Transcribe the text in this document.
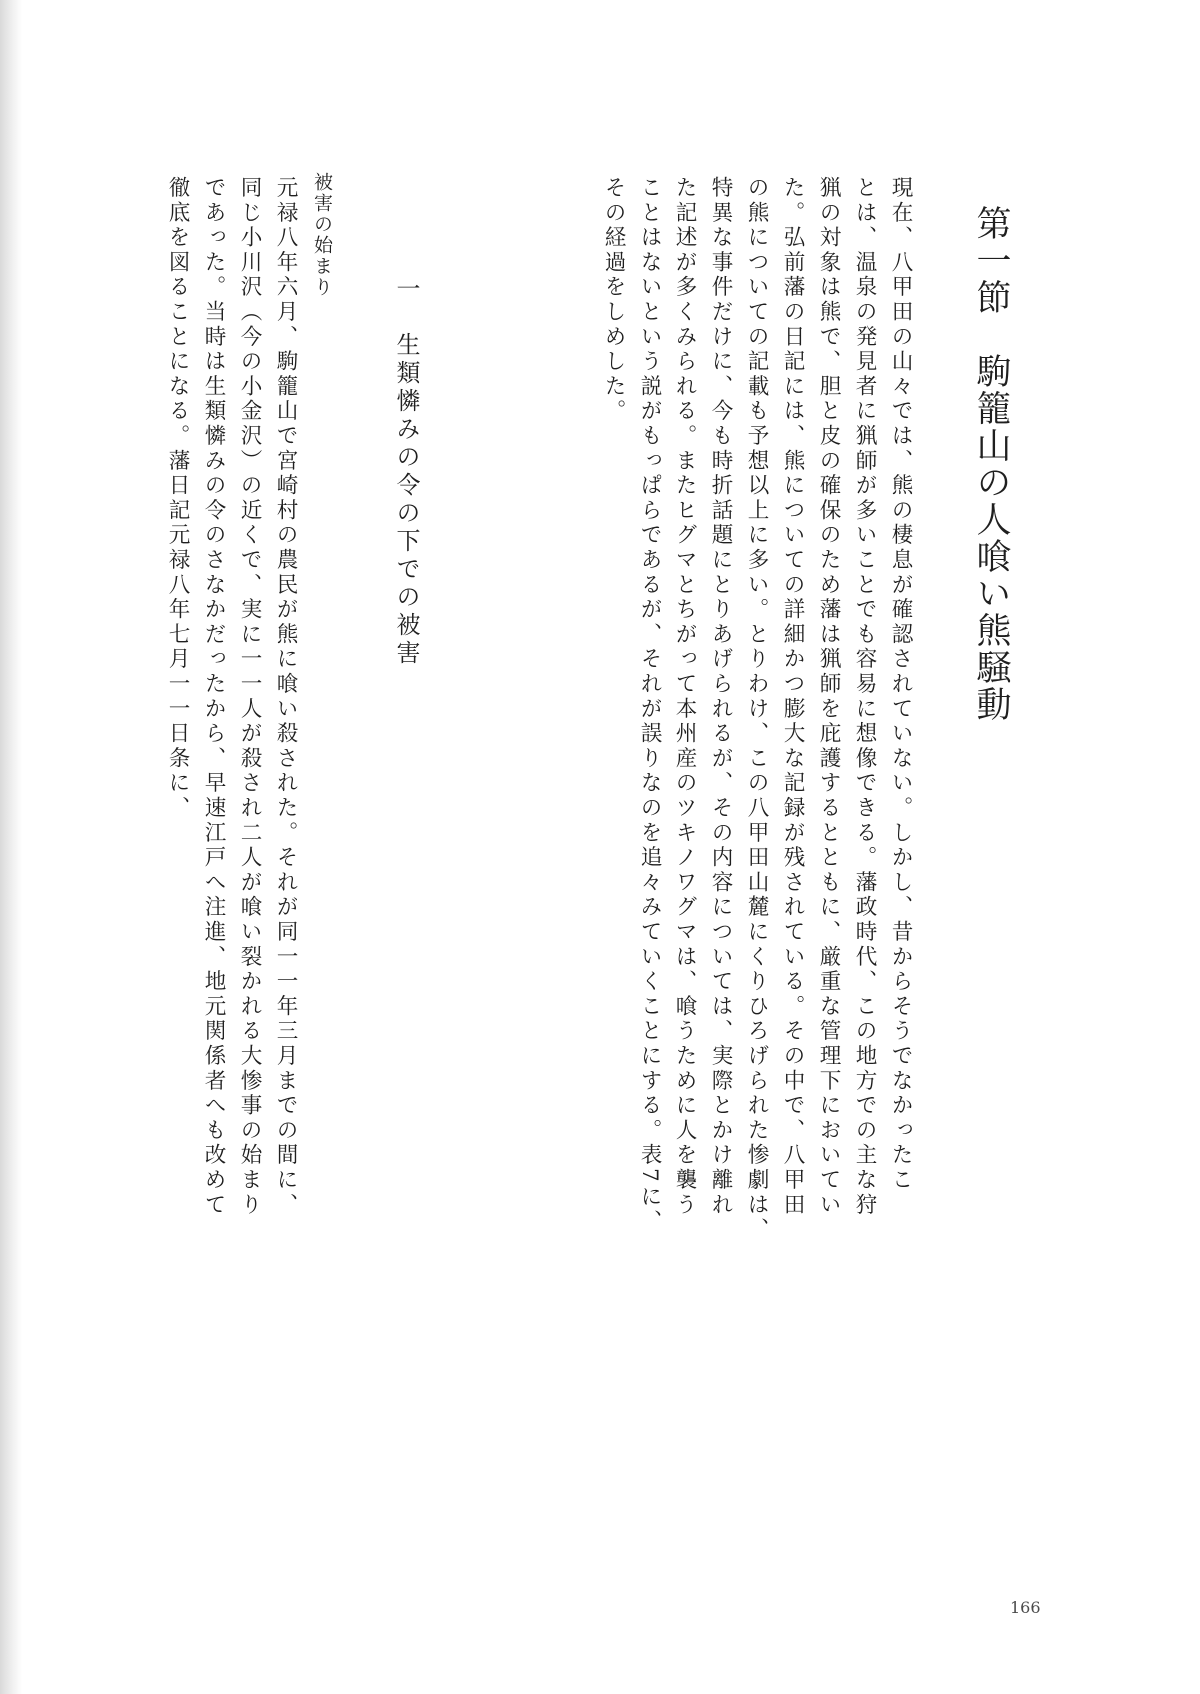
第一節　駒籠山の人喰い熊騒動
現在、八甲田の山々では、熊の棲息が確認されていない。しかし、昔からそうでなかったこ
とは、温泉の発見者に猟師が多いことでも容易に想像できる。藩政時代、この地方での主な狩
猟の対象は熊で、胆と皮の確保のため藩は猟師を庇護するとともに、厳重な管理下においてい
た。弘前藩の日記には、熊についての詳細かつ膨大な記録が残されている。その中で、八甲田
の熊についての記載も予想以上に多い。とりわけ、この八甲田山麓にくりひろげられた惨劇は、
特異な事件だけに、今も時折話題にとりあげられるが、その内容については、実際とかけ離れ
た記述が多くみられる。またヒグマとちがって本州産のツキノワグマは、喰うために人を襲う
ことはないという説がもっぱらであるが、それが誤りなのを追々みていくことにする。表7に、
その経過をしめした。
一　生類憐みの令の下での被害
被害の始まり
元禄八年六月、駒籠山で宮崎村の農民が熊に喰い殺された。それが同一一年三月までの間に、
同じ小川沢（今の小金沢）の近くで、実に一一人が殺され二人が喰い裂かれる大惨事の始まり
であった。当時は生類憐みの令のさなかだったから、早速江戸へ注進、地元関係者へも改めて
徹底を図ることになる。藩日記元禄八年七月一一日条に、
166
